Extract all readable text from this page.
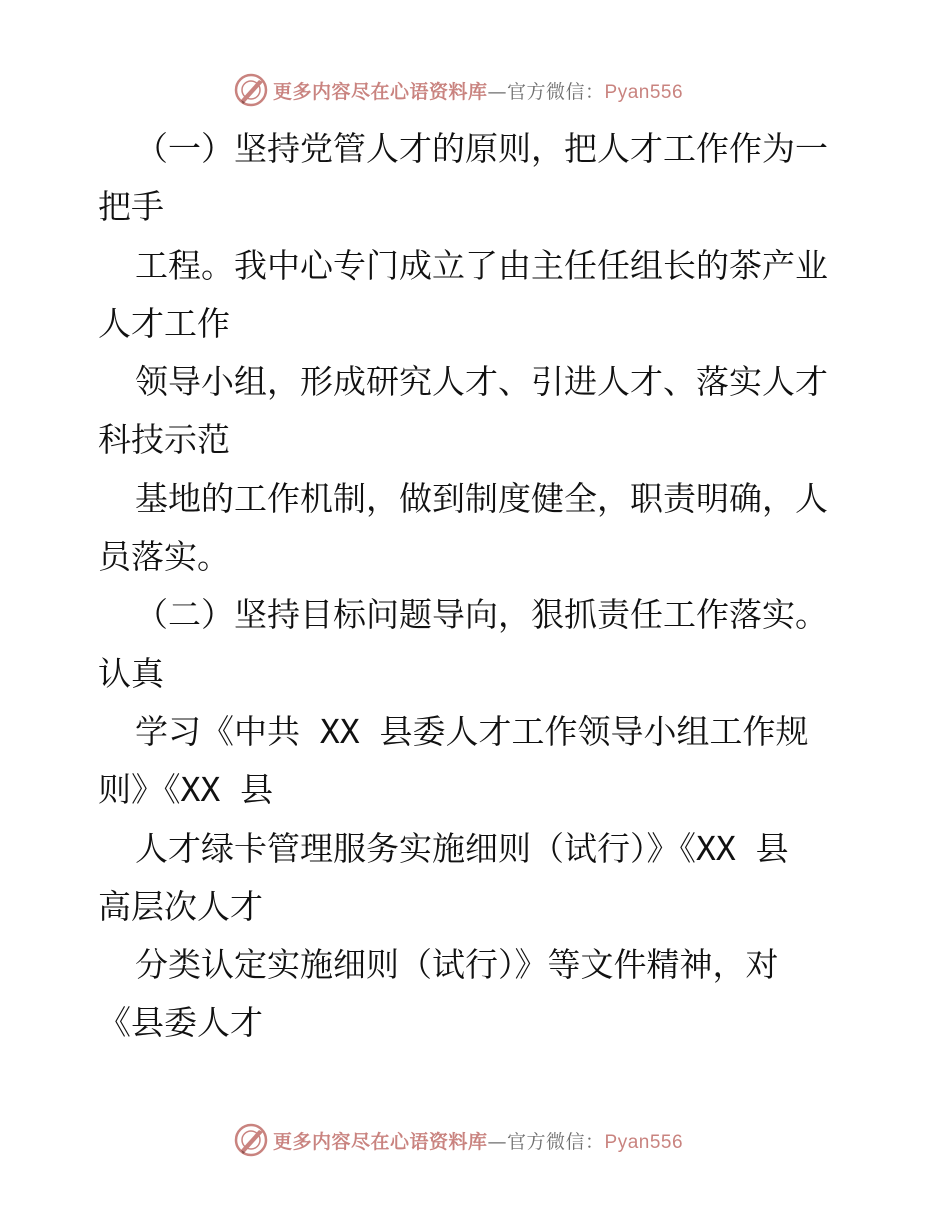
更多内容尽在心语资料库—官方微信：Pyan556
（一）坚持党管人才的原则，把人才工作作为一
把手
工程。我中心专门成立了由主任任组长的茶产业
人才工作
领导小组，形成研究人才、引进人才、落实人才
科技示范
基地的工作机制，做到制度健全，职责明确，人
员落实。
（二）坚持目标问题导向，狠抓责任工作落实。
认真
学习《中共 XX 县委人才工作领导小组工作规
则》《XX 县
人才绿卡管理服务实施细则（试行）》《XX 县
高层次人才
分类认定实施细则（试行）》等文件精神，对
《县委人才
更多内容尽在心语资料库—官方微信：Pyan556
